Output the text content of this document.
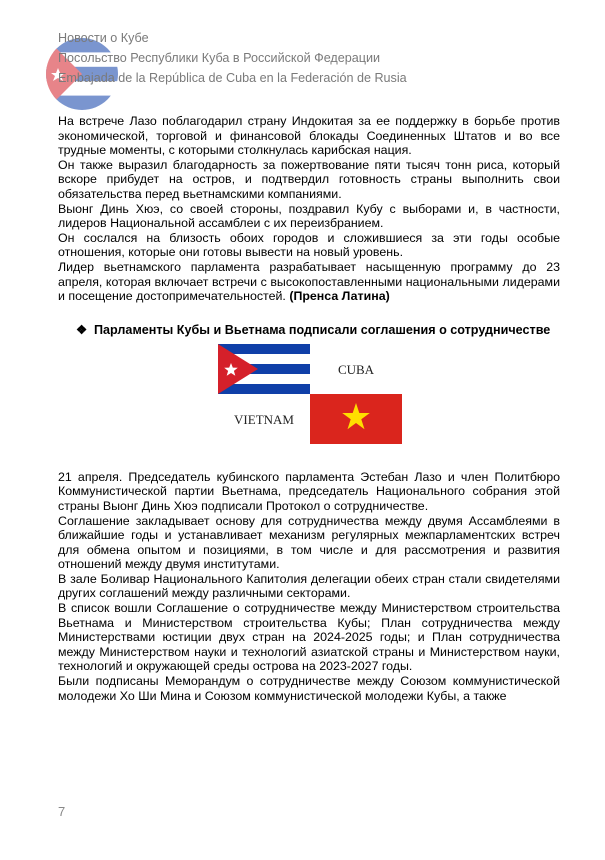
Новости о Кубе
Посольство Республики Куба в Российской Федерации
Embajada de la República de Cuba en la Federación de Rusia

На встрече Лазо поблагодарил страну Индокитая за ее поддержку в борьбе против экономической, торговой и финансовой блокады Соединенных Штатов и во все трудные моменты, с которыми столкнулась карибская нация.

Он также выразил благодарность за пожертвование пяти тысяч тонн риса, который вскоре прибудет на остров, и подтвердил готовность страны выполнить свои обязательства перед вьетнамскими компаниями.

Выонг Динь Хюэ, со своей стороны, поздравил Кубу с выборами и, в частности, лидеров Национальной ассамблеи с их переизбранием.

Он сослался на близость обоих городов и сложившиеся за эти годы особые отношения, которые они готовы вывести на новый уровень.

Лидер вьетнамского парламента разрабатывает насыщенную программу до 23 апреля, которая включает встречи с высокопоставленными национальными лидерами и посещение достопримечательностей. (Пренса Латина)

❖ Парламенты Кубы и Вьетнама подписали соглашения о сотрудничестве
CUBA
VIETNAM

21 апреля. Председатель кубинского парламента Эстебан Лазо и член Политбюро Коммунистической партии Вьетнама, председатель Национального собрания этой страны Выонг Динь Хюэ подписали Протокол о сотрудничестве.

Соглашение закладывает основу для сотрудничества между двумя Ассамблеями в ближайшие годы и устанавливает механизм регулярных межпарламентских встреч для обмена опытом и позициями, в том числе и для рассмотрения и развития отношений между двумя институтами.

В зале Боливар Национального Капитолия делегации обеих стран стали свидетелями других соглашений между различными секторами.

В список вошли Соглашение о сотрудничестве между Министерством строительства Вьетнама и Министерством строительства Кубы; План сотрудничества между Министерствами юстиции двух стран на 2024-2025 годы; и План сотрудничества между Министерством науки и технологий азиатской страны и Министерством науки, технологий и окружающей среды острова на 2023-2027 годы.

Были подписаны Меморандум о сотрудничестве между Союзом коммунистической молодежи Хо Ши Мина и Союзом коммунистической молодежи Кубы, а также

7
